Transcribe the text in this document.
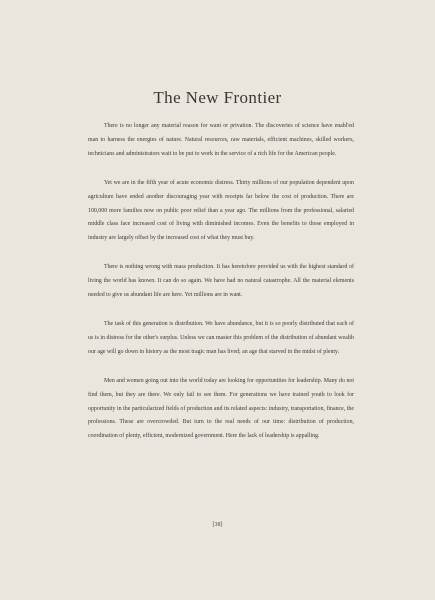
The New Frontier

There is no longer any material reason for want or privation. The discoveries of science have enabl'ed man to harness the energies of nature. Natural resources, raw materials, efficient machines, skilled workers, technicians and administrators wait to be put to work in the service of a rich life for the American people.

Yet we are in the fifth year of acute economic distress. Thirty millions of our population dependent upon agriculture have ended another discouraging year with receipts far below the cost of production. There are 100,000 more families now on public poor relief than a year ago. The millions from the professional, salaried middle class face increased cost of living with diminished incomes. Even the benefits to those employed in industry are largely offset by the increased cost of what they must buy.

There is nothing wrong with mass production. It has heretofore provided us with the highest standard of living the world has known. It can do so again. We have had no natural catastrophe. All the material elements needed to give us abundant life are here. Yet millions are in want.

The task of this generation is distribution. We have abundance, but it is so poorly distributed that each of us is in distress for the other's surplus. Unless we can master this problem of the distribution of abundant wealth our age will go down in history as the most tragic man has lived; an age that starved in the midst of plenty.

Men and women going out into the world today are looking for opportunities for leadership. Many do not find them, but they are there. We only fail to see them. For generations we have trained youth to look for opportunity in the particularized fields of production and its related aspects: industry, transportation, finance, the professions. These are overcrowded. But turn to the real needs of our time: distribution of production, coordination of plenty, efficient, modernized government. Here the lack of leadership is appalling.

[38]
